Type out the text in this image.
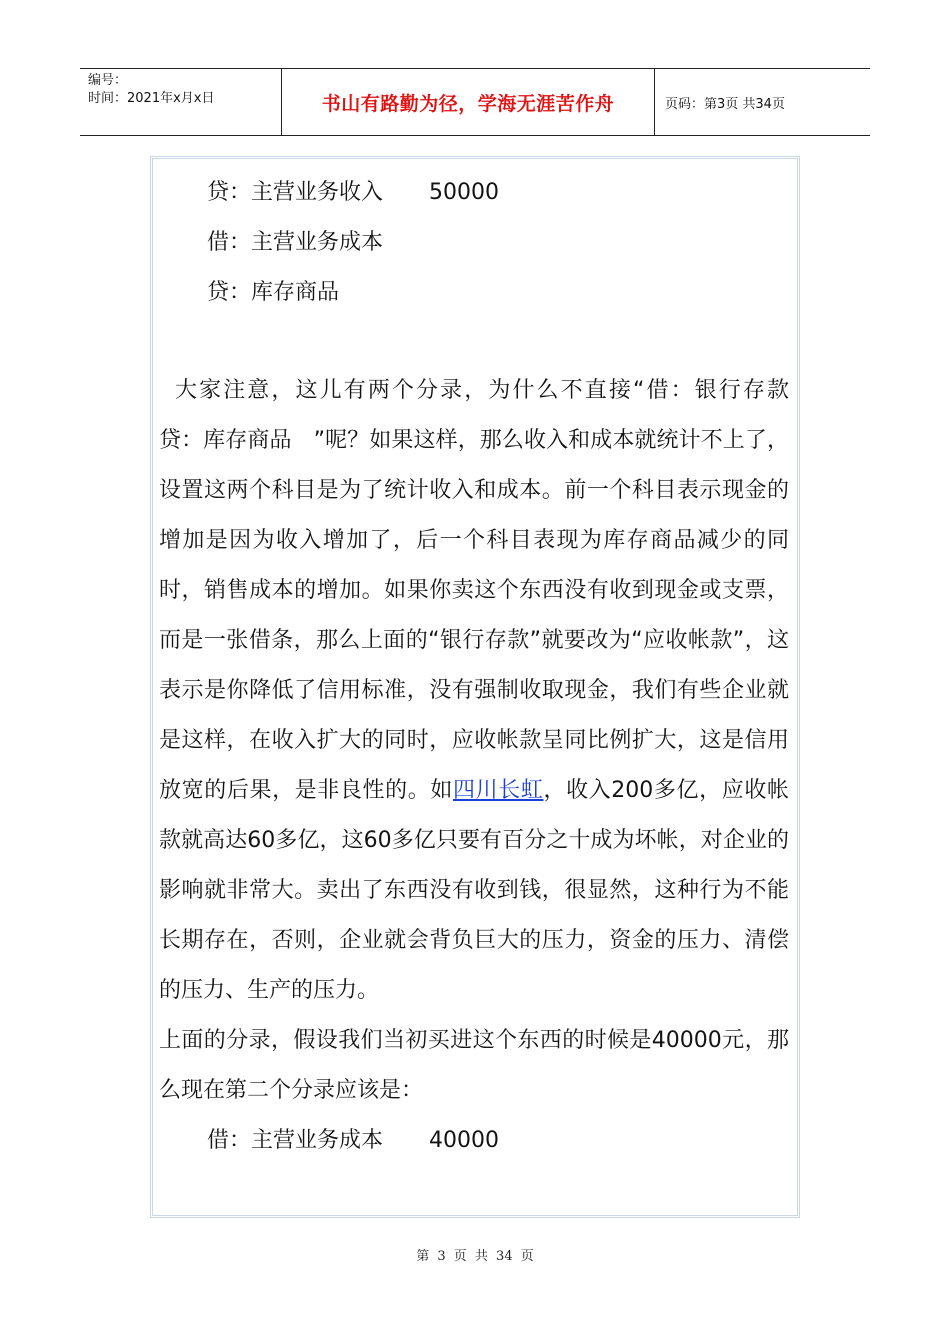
编号：
时间：2021年x月x日	书山有路勤为径，学海无涯苦作舟	页码：第3页 共34页
贷：主营业务收入 50000
借：主营业务成本
贷：库存商品

大家注意，这儿有两个分录，为什么不直接“借：银行存款　贷：库存商品　”呢？如果这样，那么收入和成本就统计不上了，设置这两个科目是为了统计收入和成本。前一个科目表示现金的增加是因为收入增加了，后一个科目表现为库存商品减少的同时，销售成本的增加。如果你卖这个东西没有收到现金或支票，而是一张借条，那么上面的“银行存款”就要改为“应收帐款”，这表示是你降低了信用标准，没有强制收取现金，我们有些企业就是这样，在收入扩大的同时，应收帐款呈同比例扩大，这是信用放宽的后果，是非良性的。如四川长虹，收入200多亿，应收帐款就高达60多亿，这60多亿只要有百分之十成为坏帐，对企业的影响就非常大。卖出了东西没有收到钱，很显然，这种行为不能长期存在，否则，企业就会背负巨大的压力，资金的压力、清偿的压力、生产的压力。

上面的分录，假设我们当初买进这个东西的时候是40000元，那么现在第二个分录应该是：

借：主营业务成本 40000
第 3 页 共 34 页
